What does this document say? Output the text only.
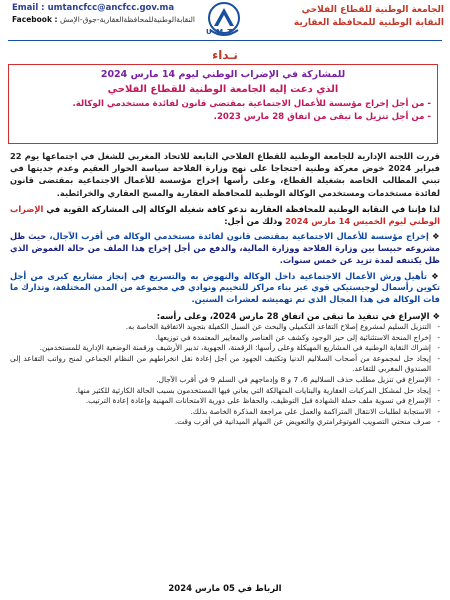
الجامعة الوطنية للقطاع الفلاحي
النقابة الوطنية للمحافظة العقارية
U M T
Email : umtancfcc@ancfcc.gov.ma
Facebook : النقابةالوطنيةللمحافظةالعقارية-جوق-الإمش
نـداء
للمشاركة في الإضراب الوطني ليوم 14 مارس 2024
الذي دعت إليه الجامعة الوطنية للقطاع الفلاحي
- من أجل إخراج مؤسسة للأعمال الاجتماعية بمقتضى قانون لفائدة مستخدمي الوكالة.
- من أجل تنزيل ما تبقى من اتفاق 28 مارس 2023.

قررت اللجنة الإدارية للجامعة الوطنية للقطاع الفلاحي التابعة للاتحاد المغربي للشغل في اجتماعها يوم 22 فبراير 2024 خوض معركة وطنية احتجاجا على نهج وزارة الفلاحة سياسة الحوار العقيم وعدم جديتها في تبني المطالب الخاصة بشغيلة القطاع، وعلى رأسها إخراج مؤسسة للأعمال الاجتماعية بمقتضى قانون لفائدة مستخدمات ومستخدمي الوكالة الوطنية للمحافظة العقارية والمسح العقاري والخرائطية.

لذا فإننا في النقابة الوطنية للمحافظة العقارية ندعو كافة شغيلة الوكالة إلى المشاركة القوية في الإضراب الوطني ليوم الخميس 14 مارس 2024 وذلك من أجل:

❖ إخراج مؤسسة للأعمال الاجتماعية بمقتضى قانون لفائدة مستخدمي الوكالة في أقرب الآجال، حيث ظل مشروعه حبيسا بين وزارة الفلاحة ووزارة المالية، والدفع من أجل إخراج هذا الملف من حالة الغموض الذي ظل يكتنفه لمدة تزيد عن خمس سنوات.

❖ تأهيل ورش الأعمال الاجتماعية داخل الوكالة والنهوض به والتسريع في إنجاز مشاريع كبرى من أجل تكوين رأسمال لوجيستيكي قوي عبر بناء مراكز للتخييم ونوادي في مجموعة من المدن المختلفة، وتدارك ما فات الوكالة في هذا المجال الذي تم تهميشه لعشرات السنين.

❖ الإسراع في تنفيذ ما تبقى من اتفاق 28 مارس 2024، وعلى رأسه:

- التنزيل السليم لمشروع إصلاح التقاعد التكميلي والبحث عن السبل الكفيلة بتجويد الاتفاقية الخاصة به.
- إخراج المنحة الاستثنائية إلى حيز الوجود وكشف عن العناصر والمعايير المعتمدة في توزيعها.
- إشراك النقابة الوطنية في المشاريع المهيكلة وعلى رأسها: الرقمنة، الجهوية، تدبير الأرشيف ورقمنة الوضعية الإدارية للمستخدمين.
- إيجاد حل لمجموعة من أصحاب السلاليم الدنيا وتكثيف الجهود من أجل إعادة نقل انخراطهم من النظام الجماعي لمنح رواتب التقاعد إلى الصندوق المغربي للتقاعد.
- الإسراع في تنزيل مطلب حذف السلاليم 6، 7 و 8 وإدماجهم في السلم 9 في أقرب الآجال.
- إيجاد حل لمشكل المركبات العقارية والبنايات المتهالكة التي يعاني فيها المستخدمون بسبب الحالة الكارثية للكثير منها.
- الإسراع في تسوية ملف حملة الشهادة قبل التوظيف، والحفاظ على دورية الامتحانات المهنية وإعادة إعادة الترتيب.
- الاستجابة لطلبات الانتقال المتراكمة والعمل على مراجعة المذكرة الخاصة بذلك.
- صرف منحتي التصويب الفوتوغرامتري والتعويض عن المهام الميدانية في أقرب وقت.
الرباط في 05 مارس 2024
